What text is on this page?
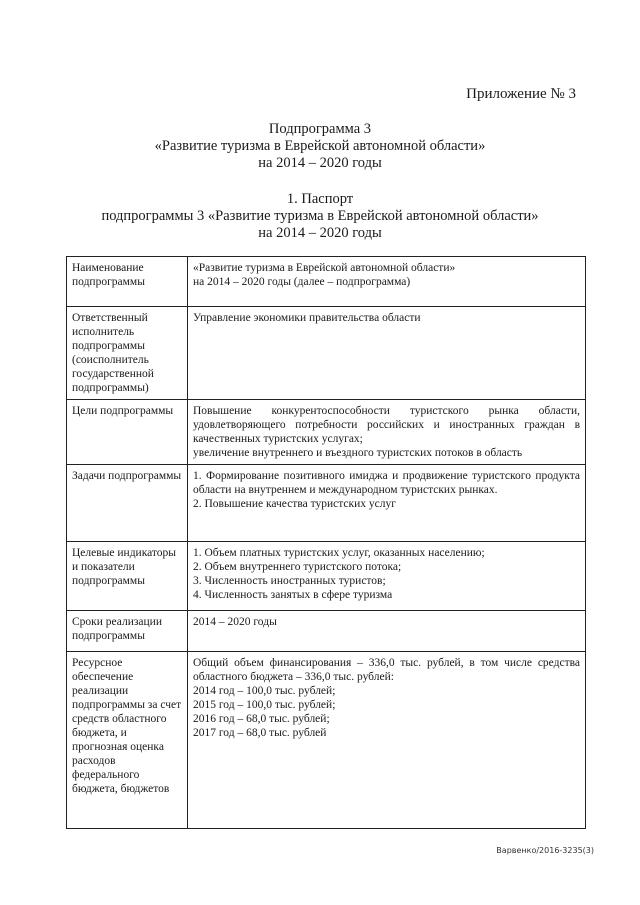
Приложение № 3
Подпрограмма 3
«Развитие туризма в Еврейской автономной области»
на 2014 – 2020 годы
1. Паспорт
подпрограммы 3 «Развитие туризма в Еврейской автономной области»
на 2014 – 2020 годы
Наименование подпрограммы	«Развитие туризма в Еврейской автономной области»
на 2014 – 2020 годы (далее – подпрограмма)

Ответственный исполнитель подпрограммы (соисполнитель государственной подпрограммы)	Управление экономики правительства области

Цели подпрограммы	Повышение конкурентоспособности туристского рынка области, удовлетворяющего потребности российских и иностранных граждан в качественных туристских услугах;
увеличение внутреннего и въездного туристских потоков в область

Задачи подпрограммы	1. Формирование позитивного имиджа и продвижение туристского продукта области на внутреннем и международном туристских рынках.
2. Повышение качества туристских услуг

Целевые индикаторы и показатели подпрограммы	1. Объем платных туристских услуг, оказанных населению;
2. Объем внутреннего туристского потока;
3. Численность иностранных туристов;
4. Численность занятых в сфере туризма

Сроки реализации подпрограммы	2014 – 2020 годы

Ресурсное обеспечение реализации подпрограммы за счет средств областного бюджета, и прогнозная оценка расходов федерального бюджета, бюджетов	Общий объем финансирования – 336,0 тыс. рублей, в том числе средства областного бюджета – 336,0 тыс. рублей:
2014 год – 100,0 тыс. рублей;
2015 год – 100,0 тыс. рублей;
2016 год – 68,0 тыс. рублей;
2017 год – 68,0 тыс. рублей
Варвенко/2016-3235(3)
